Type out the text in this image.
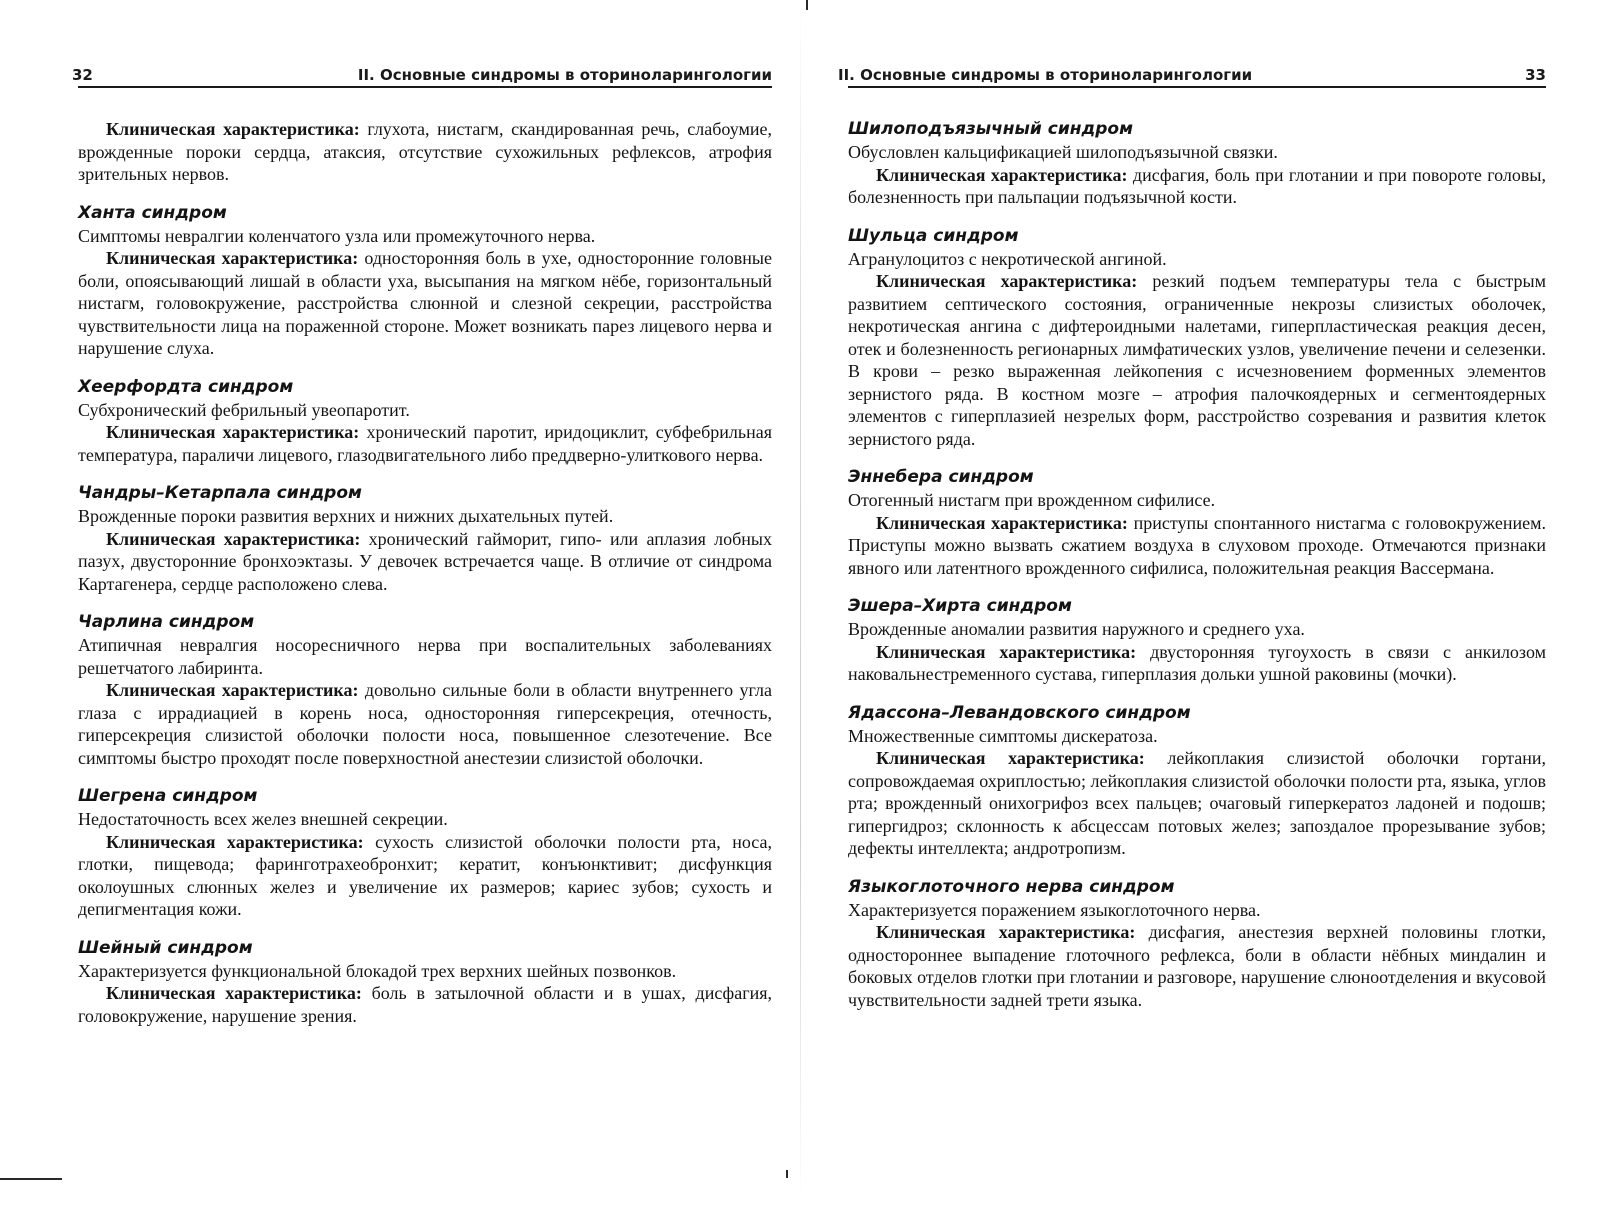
32	II. Основные синдромы в оториноларингологии

Клиническая характеристика: глухота, нистагм, скандированная речь, слабоумие, врожденные пороки сердца, атаксия, отсутствие сухожильных рефлексов, атрофия зрительных нервов.

Ханта синдром

Симптомы невралгии коленчатого узла или промежуточного нерва.

Клиническая характеристика: односторонняя боль в ухе, односторонние головные боли, опоясывающий лишай в области уха, высыпания на мягком нёбе, горизонтальный нистагм, головокружение, расстройства слюнной и слезной секреции, расстройства чувствительности лица на пораженной стороне. Может возникать парез лицевого нерва и нарушение слуха.

Хеерфордта синдром

Субхронический фебрильный увеопаротит.

Клиническая характеристика: хронический паротит, иридоциклит, субфебрильная температура, параличи лицевого, глазодвигательного либо преддверно-улиткового нерва.

Чандры–Кетарпала синдром

Врожденные пороки развития верхних и нижних дыхательных путей.

Клиническая характеристика: хронический гайморит, гипо- или аплазия лобных пазух, двусторонние бронхоэктазы. У девочек встречается чаще. В отличие от синдрома Картагенера, сердце расположено слева.

Чарлина синдром

Атипичная невралгия носоресничного нерва при воспалительных заболеваниях решетчатого лабиринта.

Клиническая характеристика: довольно сильные боли в области внутреннего угла глаза с иррадиацией в корень носа, односторонняя гиперсекреция, отечность, гиперсекреция слизистой оболочки полости носа, повышенное слезотечение. Все симптомы быстро проходят после поверхностной анестезии слизистой оболочки.

Шегрена синдром

Недостаточность всех желез внешней секреции.

Клиническая характеристика: сухость слизистой оболочки полости рта, носа, глотки, пищевода; фаринготрахеобронхит; кератит, конъюнктивит; дисфункция околоушных слюнных желез и увеличение их размеров; кариес зубов; сухость и депигментация кожи.

Шейный синдром

Характеризуется функциональной блокадой трех верхних шейных позвонков.

Клиническая характеристика: боль в затылочной области и в ушах, дисфагия, головокружение, нарушение зрения.

II. Основные синдромы в оториноларингологии	33
Шилоподъязычный синдром

Обусловлен кальцификацией шилоподъязычной связки.

Клиническая характеристика: дисфагия, боль при глотании и при повороте головы, болезненность при пальпации подъязычной кости.

Шульца синдром

Агранулоцитоз с некротической ангиной.

Клиническая характеристика: резкий подъем температуры тела с быстрым развитием септического состояния, ограниченные некрозы слизистых оболочек, некротическая ангина с дифтероидными налетами, гиперпластическая реакция десен, отек и болезненность регионарных лимфатических узлов, увеличение печени и селезенки. В крови – резко выраженная лейкопения с исчезновением форменных элементов зернистого ряда. В костном мозге – атрофия палочкоядерных и сегментоядерных элементов с гиперплазией незрелых форм, расстройство созревания и развития клеток зернистого ряда.

Эннебера синдром

Отогенный нистагм при врожденном сифилисе.

Клиническая характеристика: приступы спонтанного нистагма с головокружением. Приступы можно вызвать сжатием воздуха в слуховом проходе. Отмечаются признаки явного или латентного врожденного сифилиса, положительная реакция Вассермана.

Эшера–Хирта синдром

Врожденные аномалии развития наружного и среднего уха.

Клиническая характеристика: двусторонняя тугоухость в связи с анкилозом наковальнестременного сустава, гиперплазия дольки ушной раковины (мочки).

Ядассона–Левандовского синдром

Множественные симптомы дискератоза.

Клиническая характеристика: лейкоплакия слизистой оболочки гортани, сопровождаемая охриплостью; лейкоплакия слизистой оболочки полости рта, языка, углов рта; врожденный онихогрифоз всех пальцев; очаговый гиперкератоз ладоней и подошв; гипергидроз; склонность к абсцессам потовых желез; запоздалое прорезывание зубов; дефекты интеллекта; андротропизм.

Языкоглоточного нерва синдром

Характеризуется поражением языкоглоточного нерва.

Клиническая характеристика: дисфагия, анестезия верхней половины глотки, одностороннее выпадение глоточного рефлекса, боли в области нёбных миндалин и боковых отделов глотки при глотании и разговоре, нарушение слюноотделения и вкусовой чувствительности задней трети языка.
